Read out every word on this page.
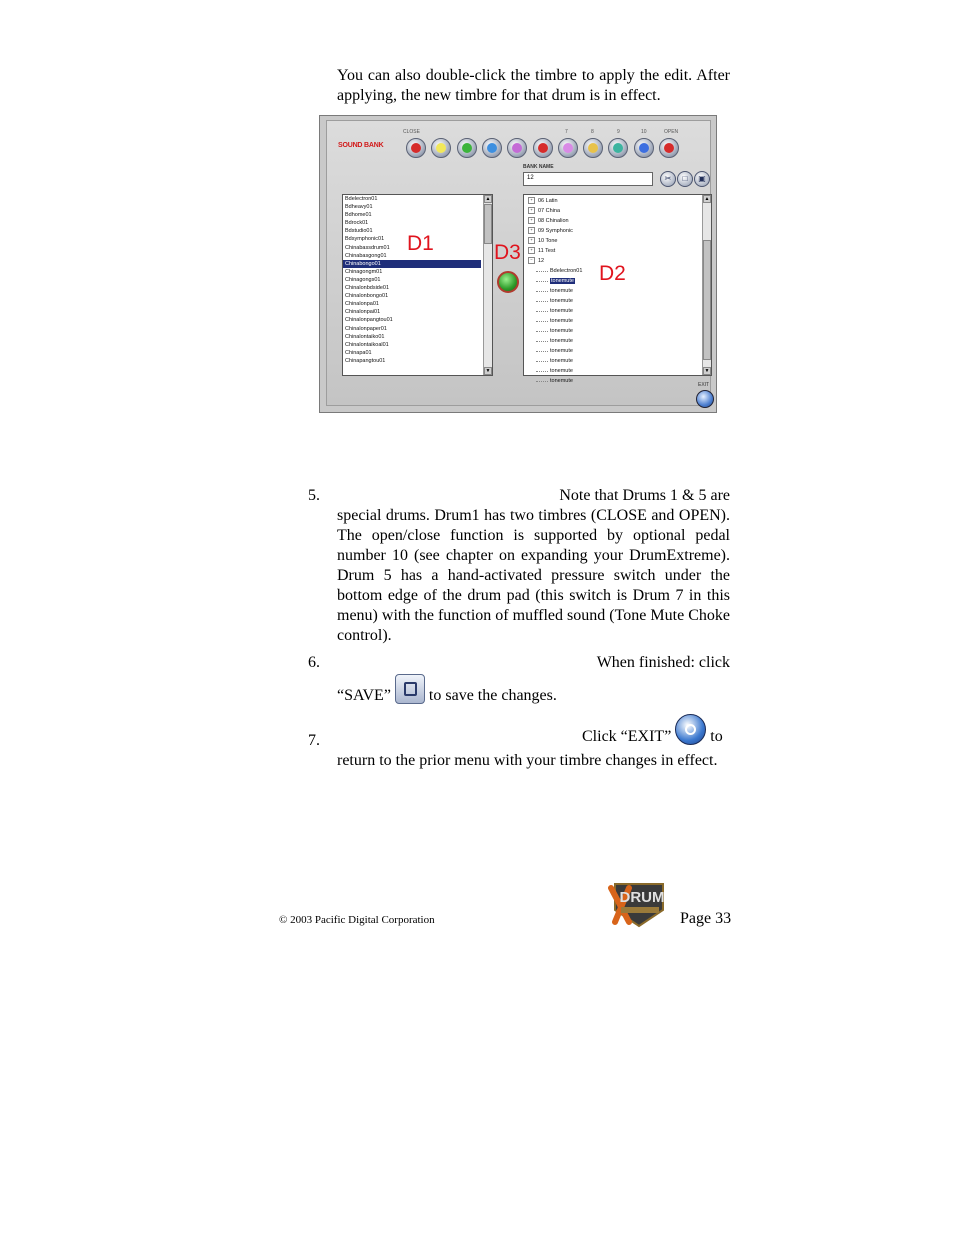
You can also double-click the timbre to apply the edit. After applying, the new timbre for that drum is in effect.
SOUND BANK
CLOSE	7	8	9	10	OPEN
BANK NAME
12	✂	□	▣
Bdelectron01
Bdheavy01
Bdhome01
Bdrock01
Bdstudio01
Bdsymphonic01
Chinabassdrum01
Chinabasgong01
Chinabongo01
Chinagongm01
Chinagongs01
Chinalonbdside01
Chinalonbongo01
Chinalonpa01
Chinalonpai01
Chinalonpangtou01
Chinalonpaper01
Chinalontaiko01
Chinalontaikoal01
Chinapa01
Chinapangtou01
▲
▼
+ 06 Latin
+ 07 China
+ 08 Chinalion
+ 09 Symphonic
+ 10 Tone
+ 11 Test
− 12
Bdelectron01
tonemute
tonemute
tonemute
tonemute
tonemute
tonemute
tonemute
tonemute
tonemute
tonemute
tonemute
▲
▼
D1	D3
D2
EXIT
5.	Note that Drums 1 & 5 are
special drums. Drum1 has two timbres (CLOSE and OPEN). The open/close function is supported by optional pedal number 10 (see chapter on expanding your DrumExtreme). Drum 5 has a hand-activated pressure switch under the bottom edge of the drum pad (this switch is Drum 7 in this menu) with the function of muffled sound (Tone Mute Choke control).
6.	When finished: click
“SAVE” to save the changes.
7.	Click “EXIT” to
return to the prior menu with your timbre changes in effect.
© 2003 Pacific Digital Corporation
DRUM
Page 33
